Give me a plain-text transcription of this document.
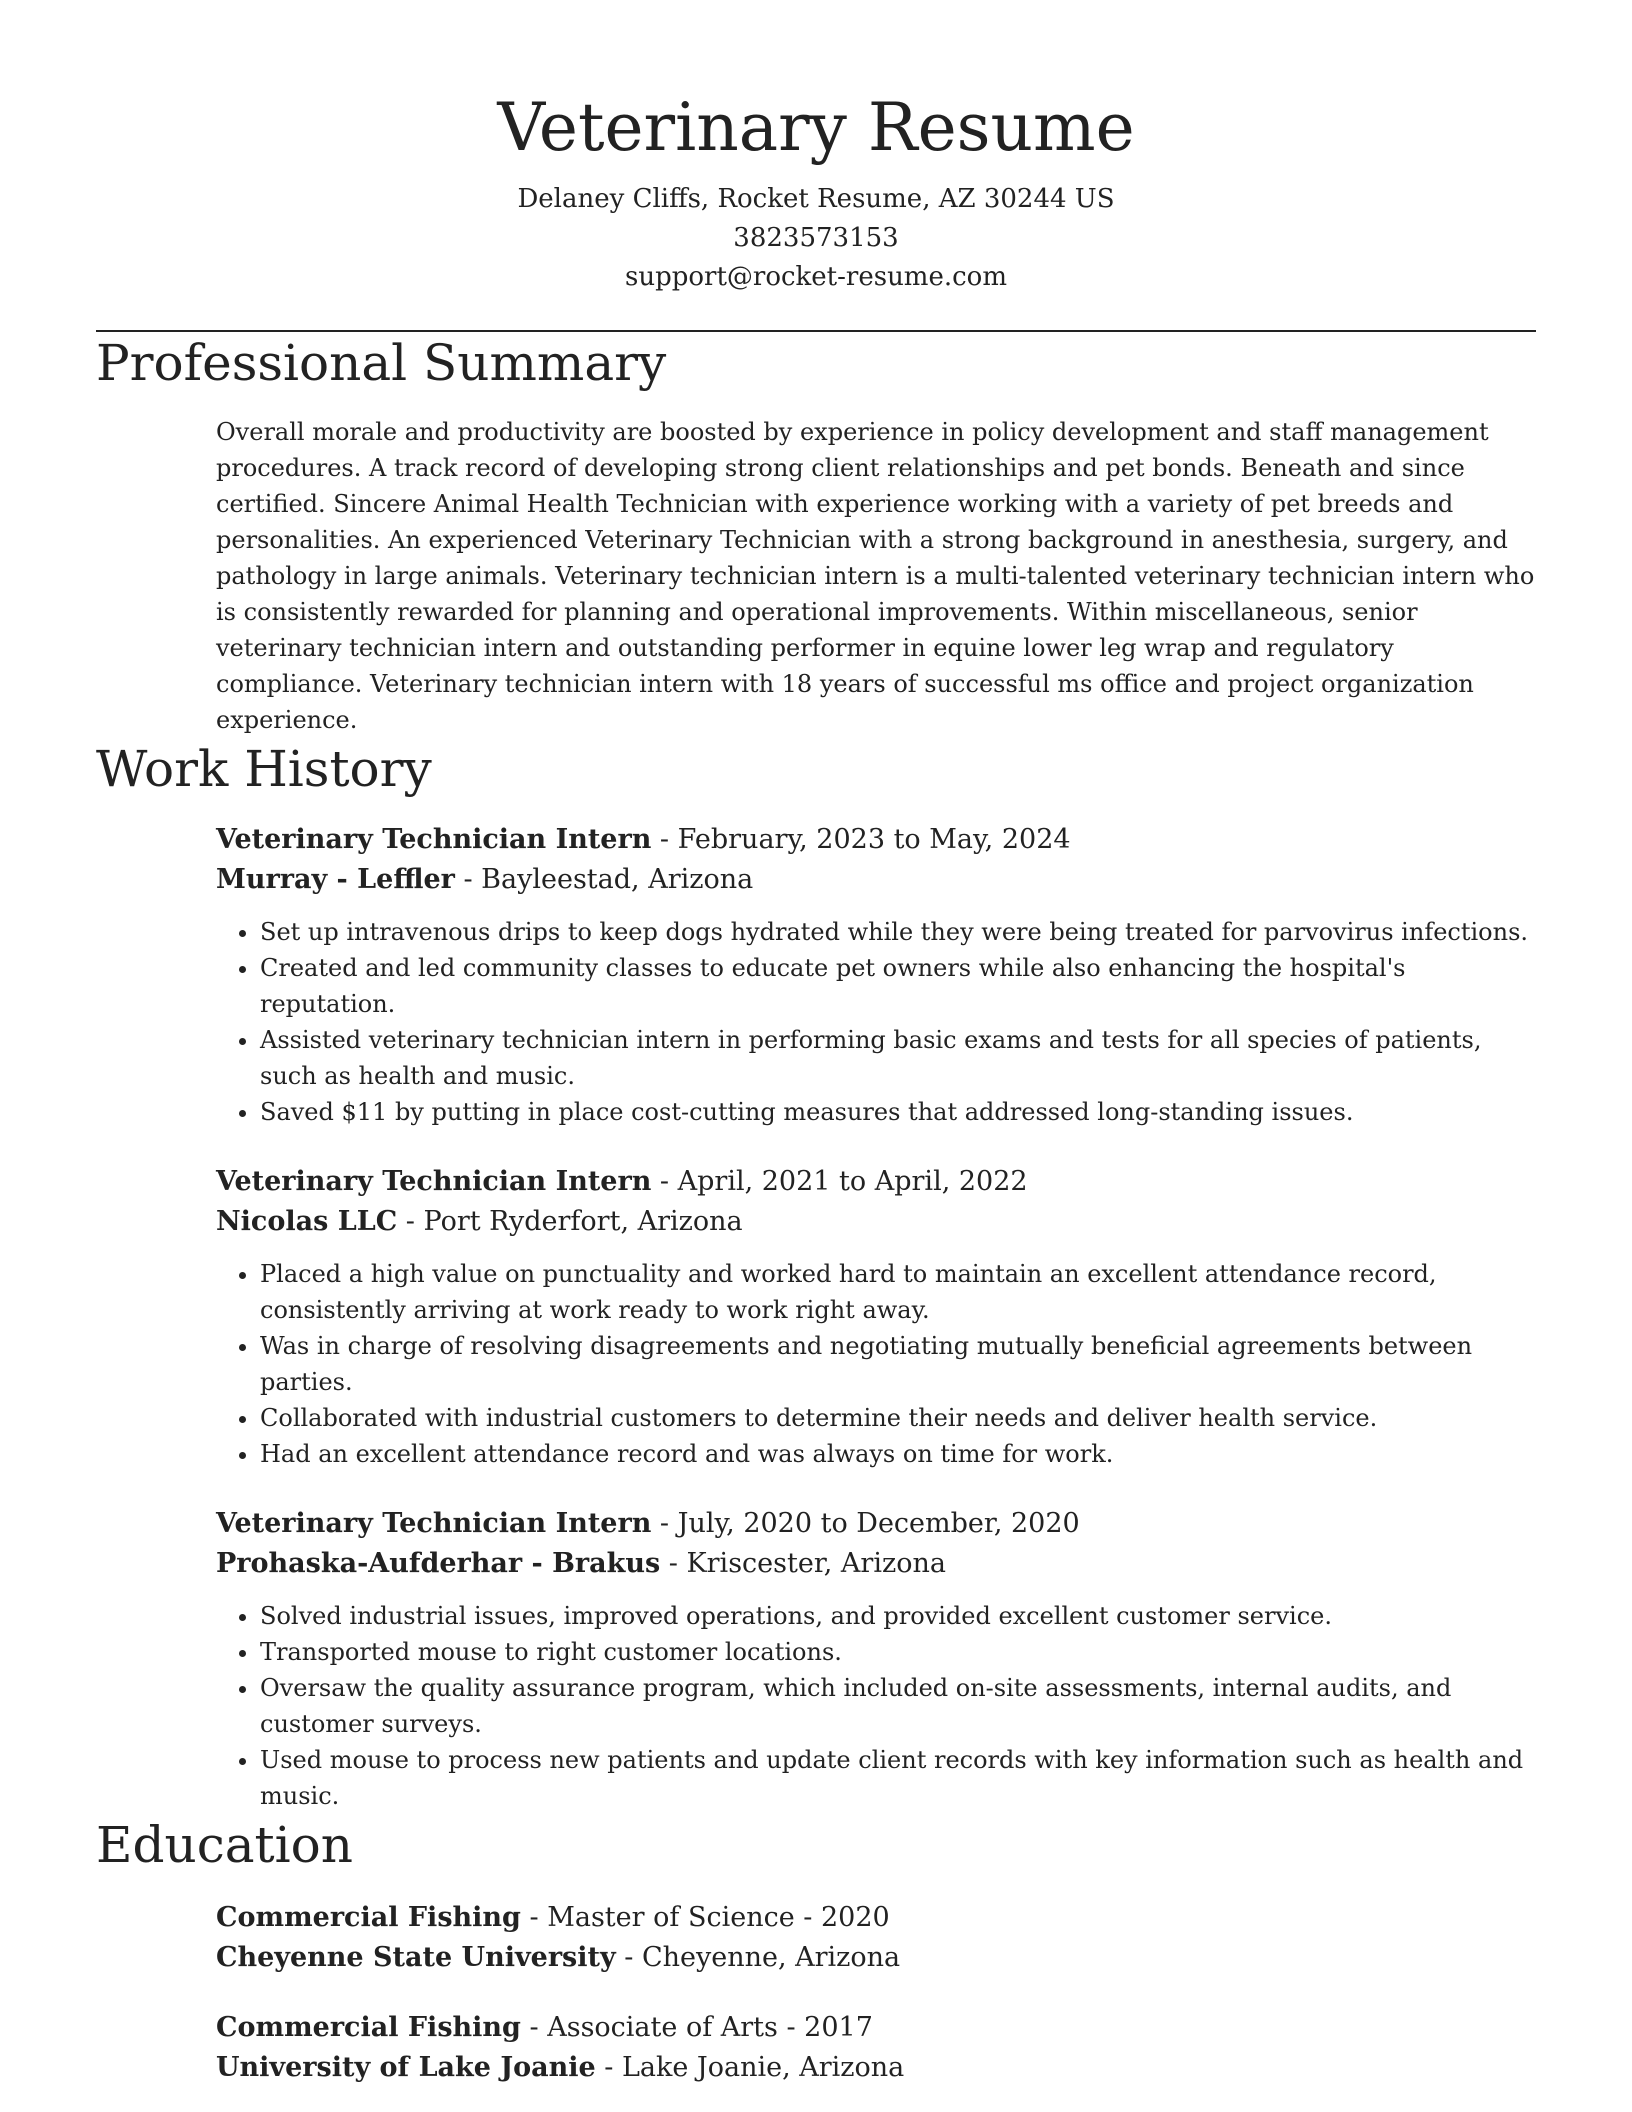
Veterinary Resume
Delaney Cliffs, Rocket Resume, AZ 30244 US
3823573153
support@rocket-resume.com
Professional Summary

Overall morale and productivity are boosted by experience in policy development and staff management procedures. A track record of developing strong client relationships and pet bonds. Beneath and since certified. Sincere Animal Health Technician with experience working with a variety of pet breeds and personalities. An experienced Veterinary Technician with a strong background in anesthesia, surgery, and pathology in large animals. Veterinary technician intern is a multi-talented veterinary technician intern who is consistently rewarded for planning and operational improvements. Within miscellaneous, senior veterinary technician intern and outstanding performer in equine lower leg wrap and regulatory compliance. Veterinary technician intern with 18 years of successful ms office and project organization experience.

Work History

Veterinary Technician Intern - February, 2023 to May, 2024

Murray - Leffler - Bayleestad, Arizona

• Set up intravenous drips to keep dogs hydrated while they were being treated for parvovirus infections.
• Created and led community classes to educate pet owners while also enhancing the hospital's reputation.
• Assisted veterinary technician intern in performing basic exams and tests for all species of patients, such as health and music.
• Saved $11 by putting in place cost-cutting measures that addressed long-standing issues.

Veterinary Technician Intern - April, 2021 to April, 2022

Nicolas LLC - Port Ryderfort, Arizona

• Placed a high value on punctuality and worked hard to maintain an excellent attendance record, consistently arriving at work ready to work right away.
• Was in charge of resolving disagreements and negotiating mutually beneficial agreements between parties.
• Collaborated with industrial customers to determine their needs and deliver health service.
• Had an excellent attendance record and was always on time for work.

Veterinary Technician Intern - July, 2020 to December, 2020

Prohaska-Aufderhar - Brakus - Kriscester, Arizona

• Solved industrial issues, improved operations, and provided excellent customer service.
• Transported mouse to right customer locations.
• Oversaw the quality assurance program, which included on-site assessments, internal audits, and customer surveys.
• Used mouse to process new patients and update client records with key information such as health and music.
Education

Commercial Fishing - Master of Science - 2020

Cheyenne State University - Cheyenne, Arizona

Commercial Fishing - Associate of Arts - 2017

University of Lake Joanie - Lake Joanie, Arizona
